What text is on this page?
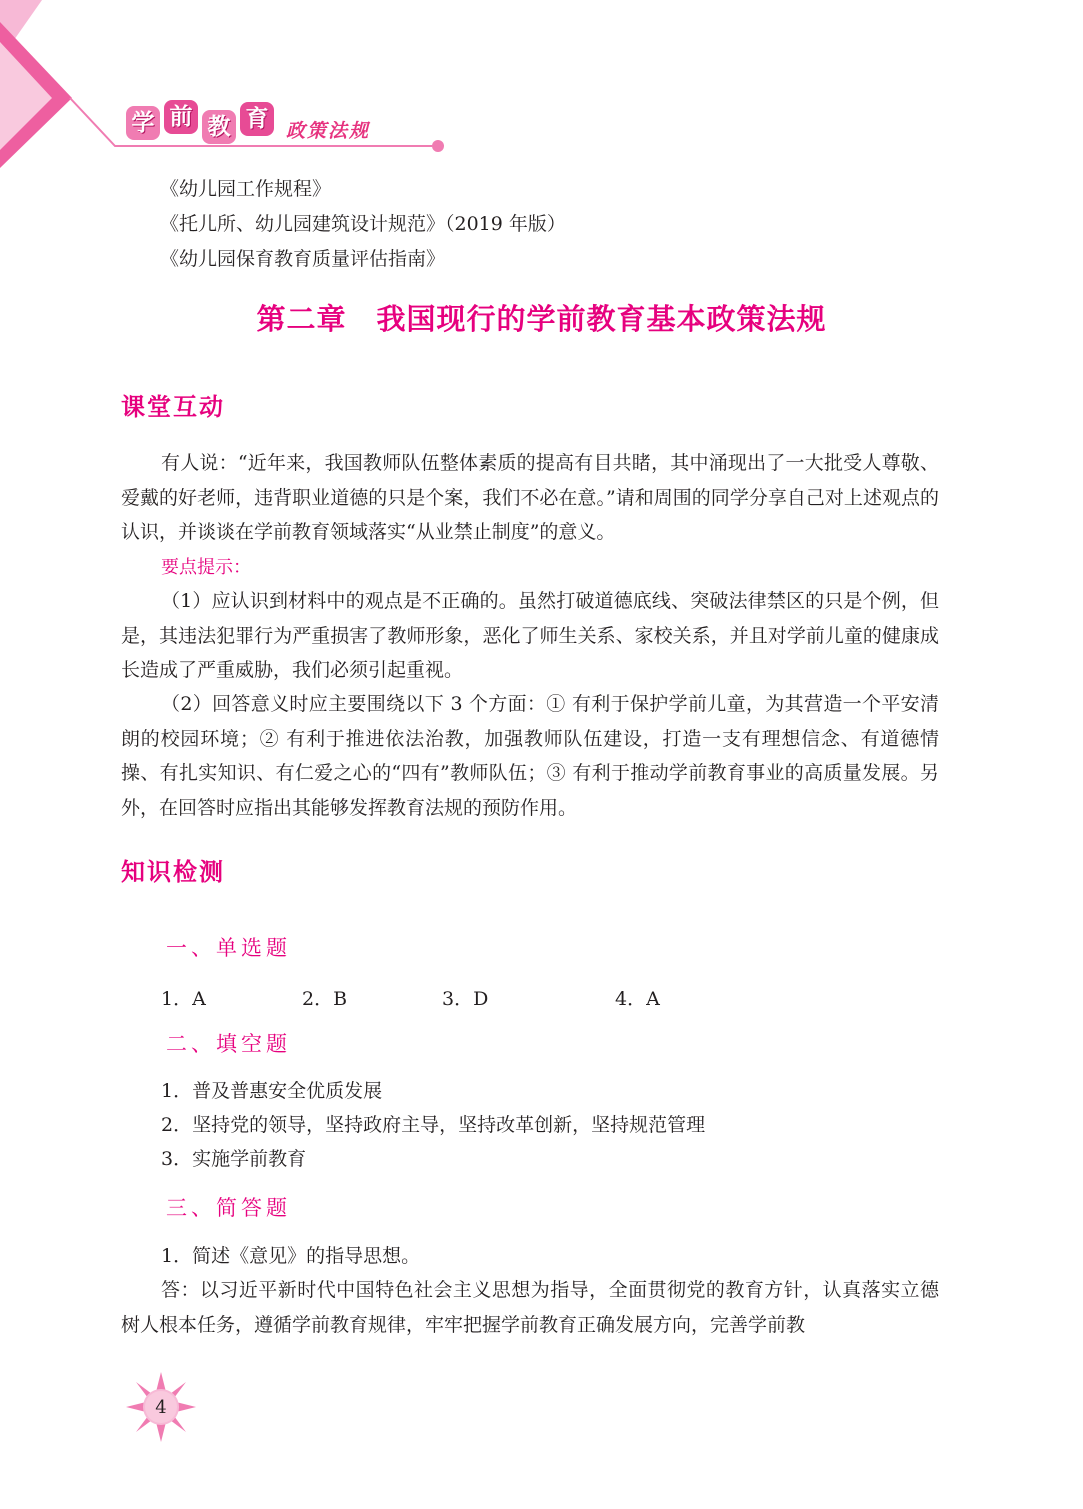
学 前 教 育 政策法规
《幼儿园工作规程》
《托儿所、幼儿园建筑设计规范》（2019 年版）
《幼儿园保育教育质量评估指南》
第二章　我国现行的学前教育基本政策法规
课堂互动

有人说：“近年来，我国教师队伍整体素质的提高有目共睹，其中涌现出了一大批受人尊敬、爱戴的好老师，违背职业道德的只是个案，我们不必在意。”请和周围的同学分享自己对上述观点的认识，并谈谈在学前教育领域落实“从业禁止制度”的意义。

要点提示：

（1）应认识到材料中的观点是不正确的。虽然打破道德底线、突破法律禁区的只是个例，但是，其违法犯罪行为严重损害了教师形象，恶化了师生关系、家校关系，并且对学前儿童的健康成长造成了严重威胁，我们必须引起重视。

（2）回答意义时应主要围绕以下 3 个方面：① 有利于保护学前儿童，为其营造一个平安清朗的校园环境；② 有利于推进依法治教，加强教师队伍建设，打造一支有理想信念、有道德情操、有扎实知识、有仁爱之心的“四有”教师队伍；③ 有利于推动学前教育事业的高质量发展。另外，在回答时应指出其能够发挥教育法规的预防作用。

知识检测
一、单选题
1．A	2．B	3．D	4．A
二、填空题
1．普及普惠安全优质发展
2．坚持党的领导，坚持政府主导，坚持改革创新，坚持规范管理
3．实施学前教育
三、简答题
1．简述《意见》的指导思想。

答：以习近平新时代中国特色社会主义思想为指导，全面贯彻党的教育方针，认真落实立德树人根本任务，遵循学前教育规律，牢牢把握学前教育正确发展方向，完善学前教

4
